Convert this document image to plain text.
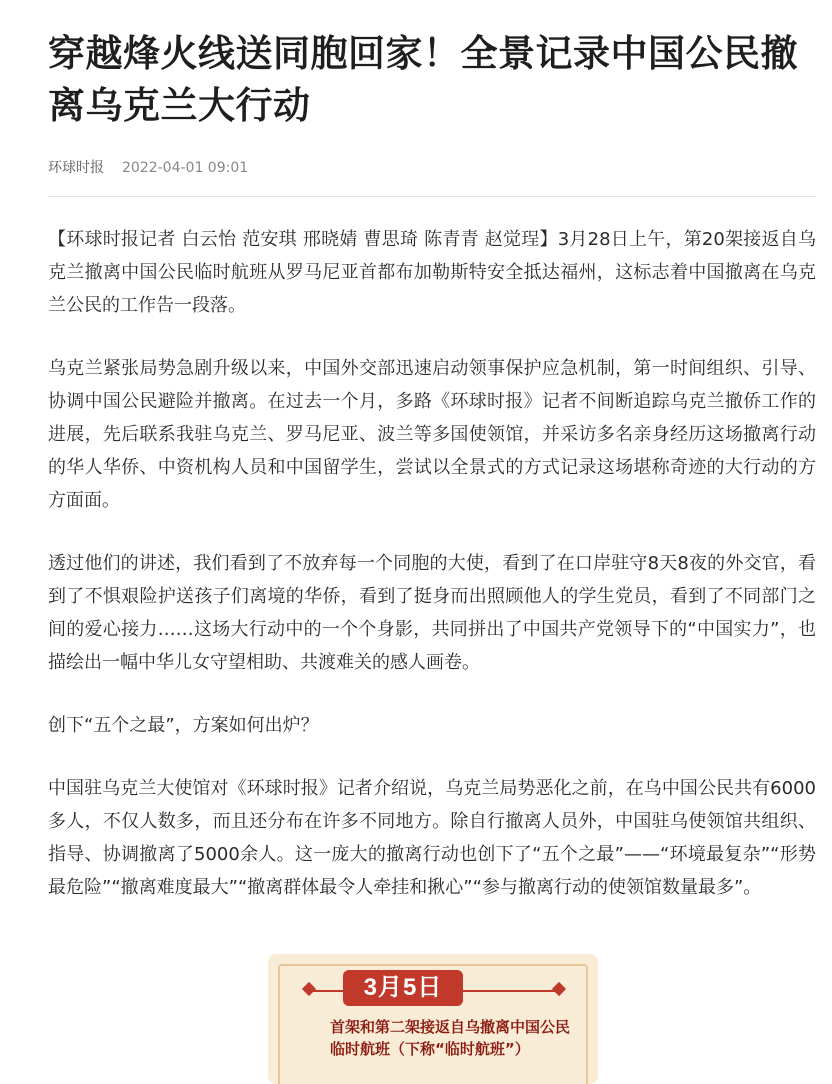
穿越烽火线送同胞回家！全景记录中国公民撤离乌克兰大行动
环球时报 2022-04-01 09:01

【环球时报记者 白云怡 范安琪 邢晓婧 曹思琦 陈青青 赵觉珵】3月28日上午，第20架接返自乌克兰撤离中国公民临时航班从罗马尼亚首都布加勒斯特安全抵达福州，这标志着中国撤离在乌克兰公民的工作告一段落。

乌克兰紧张局势急剧升级以来，中国外交部迅速启动领事保护应急机制，第一时间组织、引导、协调中国公民避险并撤离。在过去一个月，多路《环球时报》记者不间断追踪乌克兰撤侨工作的进展，先后联系我驻乌克兰、罗马尼亚、波兰等多国使领馆，并采访多名亲身经历这场撤离行动的华人华侨、中资机构人员和中国留学生，尝试以全景式的方式记录这场堪称奇迹的大行动的方方面面。

透过他们的讲述，我们看到了不放弃每一个同胞的大使，看到了在口岸驻守8天8夜的外交官，看到了不惧艰险护送孩子们离境的华侨，看到了挺身而出照顾他人的学生党员，看到了不同部门之间的爱心接力……这场大行动中的一个个身影，共同拼出了中国共产党领导下的“中国实力”，也描绘出一幅中华儿女守望相助、共渡难关的感人画卷。

创下“五个之最”，方案如何出炉？

中国驻乌克兰大使馆对《环球时报》记者介绍说，乌克兰局势恶化之前，在乌中国公民共有6000多人，不仅人数多，而且还分布在许多不同地方。除自行撤离人员外，中国驻乌使领馆共组织、指导、协调撤离了5000余人。这一庞大的撤离行动也创下了“五个之最”——“环境最复杂”“形势最危险”“撤离难度最大”“撤离群体最令人牵挂和揪心”“参与撤离行动的使领馆数量最多”。

3月5日
首架和第二架接返自乌撤离中国公民临时航班（下称“临时航班”）
